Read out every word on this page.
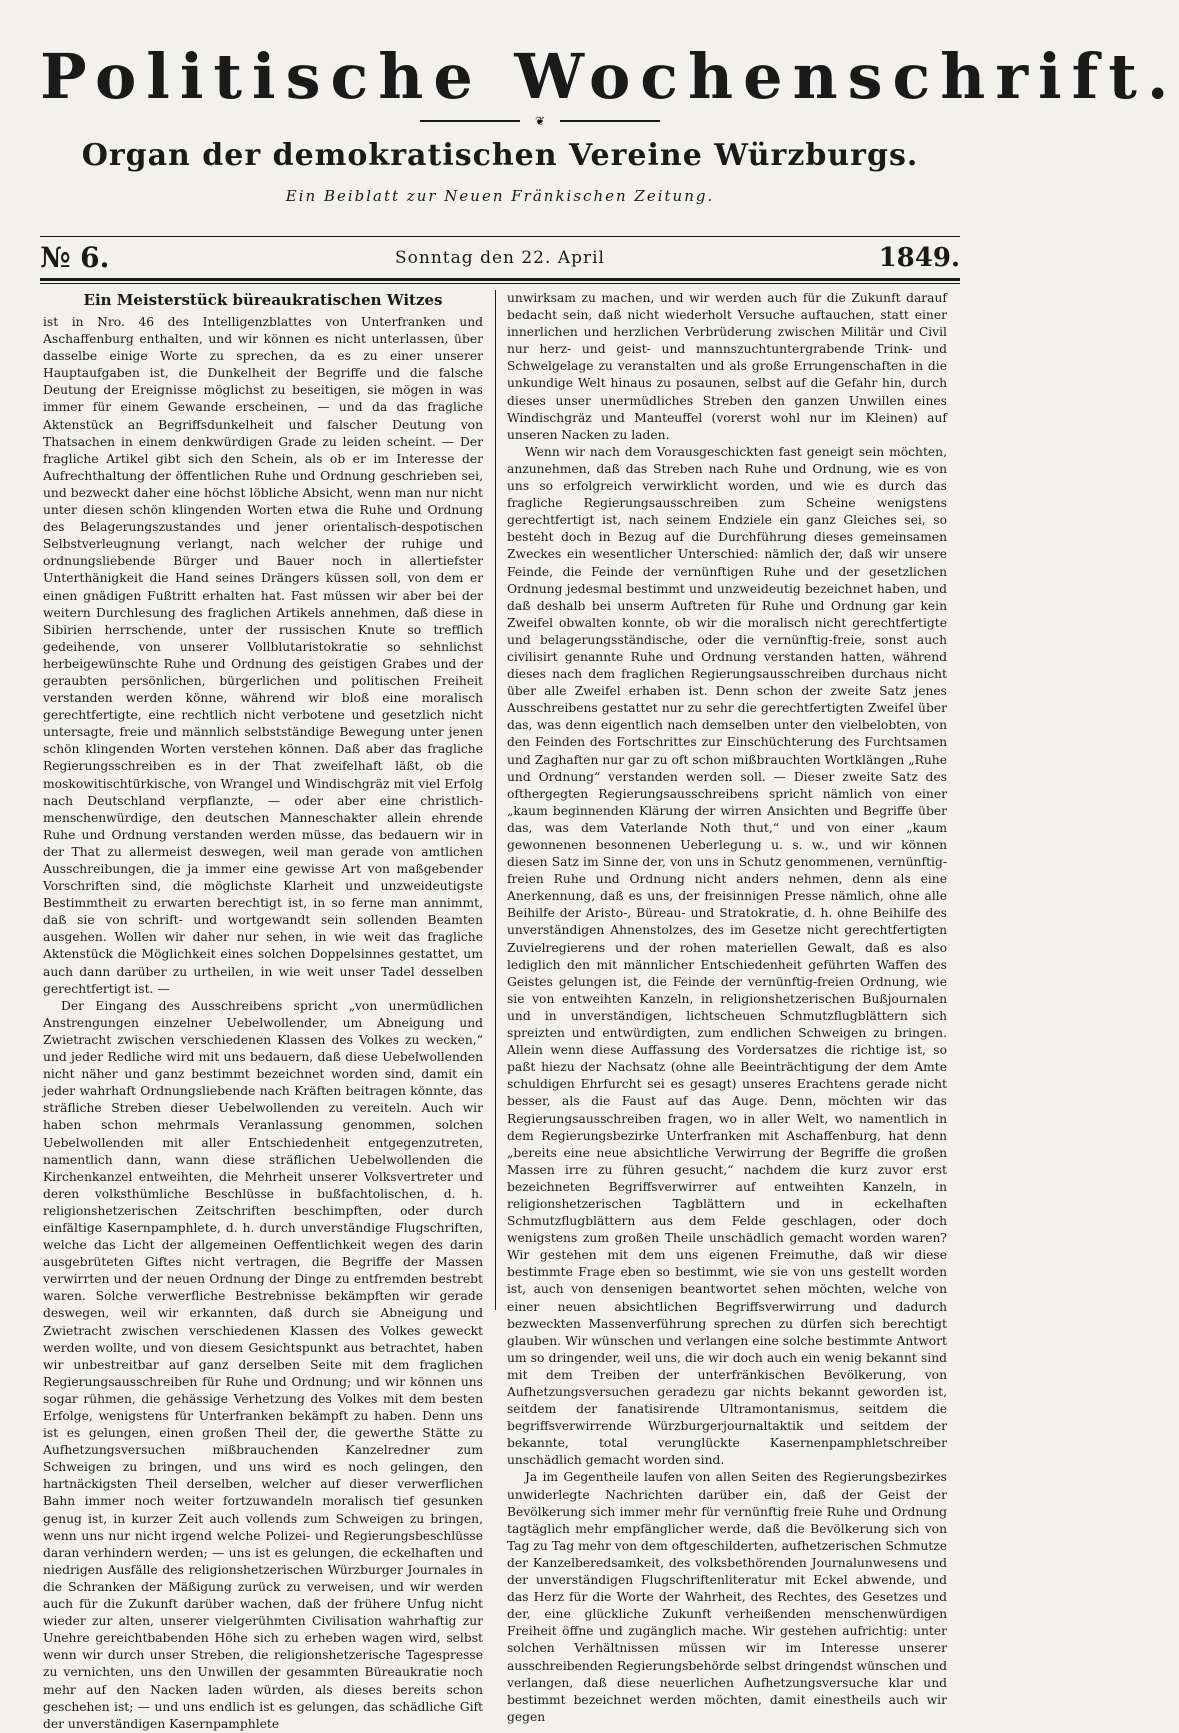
Politische Wochenschrift.
❦
Organ der demokratischen Vereine Würzburgs.
Ein Beiblatt zur Neuen Fränkischen Zeitung.
№ 6.	Sonntag den 22. April	1849.
Ein Meisterstück büreaukratischen Witzes

ist in Nro. 46 des Intelligenzblattes von Unterfranken und Aschaffenburg enthalten, und wir können es nicht unterlassen, über dasselbe einige Worte zu sprechen, da es zu einer unserer Hauptaufgaben ist, die Dunkelheit der Begriffe und die falsche Deutung der Ereignisse möglichst zu beseitigen, sie mögen in was immer für einem Gewande erscheinen, — und da das fragliche Aktenstück an Begriffsdunkelheit und falscher Deutung von Thatsachen in einem denkwürdigen Grade zu leiden scheint. — Der fragliche Artikel gibt sich den Schein, als ob er im Interesse der Aufrechthaltung der öffentlichen Ruhe und Ordnung geschrieben sei, und bezweckt daher eine höchst löbliche Absicht, wenn man nur nicht unter diesen schön klingenden Worten etwa die Ruhe und Ordnung des Belagerungszustandes und jener orientalisch-despotischen Selbstverleugnung verlangt, nach welcher der ruhige und ordnungsliebende Bürger und Bauer noch in allertiefster Unterthänigkeit die Hand seines Drängers küssen soll, von dem er einen gnädigen Fußtritt erhalten hat. Fast müssen wir aber bei der weitern Durchlesung des fraglichen Artikels annehmen, daß diese in Sibirien herrschende, unter der russischen Knute so trefflich gedeihende, von unserer Vollblutaristokratie so sehnlichst herbeigewünschte Ruhe und Ordnung des geistigen Grabes und der geraubten persönlichen, bürgerlichen und politischen Freiheit verstanden werden könne, während wir bloß eine moralisch gerechtfertigte, eine rechtlich nicht verbotene und gesetzlich nicht untersagte, freie und männlich selbstständige Bewegung unter jenen schön klingenden Worten verstehen können. Daß aber das fragliche Regierungsschreiben es in der That zweifelhaft läßt, ob die moskowitischtürkische, von Wrangel und Windischgräz mit viel Erfolg nach Deutschland verpflanzte, — oder aber eine christlich-menschenwürdige, den deutschen Manneschakter allein ehrende Ruhe und Ordnung verstanden werden müsse, das bedauern wir in der That zu allermeist deswegen, weil man gerade von amtlichen Ausschreibungen, die ja immer eine gewisse Art von maßgebender Vorschriften sind, die möglichste Klarheit und unzweideutigste Bestimmtheit zu erwarten berechtigt ist, in so ferne man annimmt, daß sie von schrift- und wortgewandt sein sollenden Beamten ausgehen. Wollen wir daher nur sehen, in wie weit das fragliche Aktenstück die Möglichkeit eines solchen Doppelsinnes gestattet, um auch dann darüber zu urtheilen, in wie weit unser Tadel desselben gerechtfertigt ist. —

Der Eingang des Ausschreibens spricht „von unermüdlichen Anstrengungen einzelner Uebelwollender, um Abneigung und Zwietracht zwischen verschiedenen Klassen des Volkes zu wecken,“ und jeder Redliche wird mit uns bedauern, daß diese Uebelwollenden nicht näher und ganz bestimmt bezeichnet worden sind, damit ein jeder wahrhaft Ordnungsliebende nach Kräften beitragen könnte, das sträfliche Streben dieser Uebelwollenden zu vereiteln. Auch wir haben schon mehrmals Veranlassung genommen, solchen Uebelwollenden mit aller Entschiedenheit entgegenzutreten, namentlich dann, wann diese sträflichen Uebelwollenden die Kirchenkanzel entweihten, die Mehrheit unserer Volksvertreter und deren volksthümliche Beschlüsse in bußfachtolischen, d. h. religionshetzerischen Zeitschriften beschimpften, oder durch einfältige Kasernpamphlete, d. h. durch unverständige Flugschriften, welche das Licht der allgemeinen Oeffentlichkeit wegen des darin ausgebrüteten Giftes nicht vertragen, die Begriffe der Massen verwirrten und der neuen Ordnung der Dinge zu entfremden bestrebt waren. Solche verwerfliche Bestrebnisse bekämpften wir gerade deswegen, weil wir erkannten, daß durch sie Abneigung und Zwietracht zwischen verschiedenen Klassen des Volkes geweckt werden wollte, und von diesem Gesichtspunkt aus betrachtet, haben wir unbestreitbar auf ganz derselben Seite mit dem fraglichen Regierungsausschreiben für Ruhe und Ordnung; und wir können uns sogar rühmen, die gehässige Verhetzung des Volkes mit dem besten Erfolge, wenigstens für Unterfranken bekämpft zu haben. Denn uns ist es gelungen, einen großen Theil der, die gewerthe Stätte zu Aufhetzungsversuchen mißbrauchenden Kanzelredner zum Schweigen zu bringen, und uns wird es noch gelingen, den hartnäckigsten Theil derselben, welcher auf dieser verwerflichen Bahn immer noch weiter fortzuwandeln moralisch tief gesunken genug ist, in kurzer Zeit auch vollends zum Schweigen zu bringen, wenn uns nur nicht irgend welche Polizei- und Regierungsbeschlüsse daran verhindern werden; — uns ist es gelungen, die eckelhaften und niedrigen Ausfälle des religionshetzerischen Würzburger Journales in die Schranken der Mäßigung zurück zu verweisen, und wir werden auch für die Zukunft darüber wachen, daß der frühere Unfug nicht wieder zur alten, unserer vielgerühmten Civilisation wahrhaftig zur Unehre gereichtbabenden Höhe sich zu erheben wagen wird, selbst wenn wir durch unser Streben, die religionshetzerische Tagespresse zu vernichten, uns den Unwillen der gesammten Büreaukratie noch mehr auf den Nacken laden würden, als dieses bereits schon geschehen ist; — und uns endlich ist es gelungen, das schädliche Gift der unverständigen Kasernpamphlete

unwirksam zu machen, und wir werden auch für die Zukunft darauf bedacht sein, daß nicht wiederholt Versuche auftauchen, statt einer innerlichen und herzlichen Verbrüderung zwischen Militär und Civil nur herz- und geist- und mannszuchtuntergrabende Trink- und Schwelgelage zu veranstalten und als große Errungenschaften in die unkundige Welt hinaus zu posaunen, selbst auf die Gefahr hin, durch dieses unser unermüdliches Streben den ganzen Unwillen eines Windischgräz und Manteuffel (vorerst wohl nur im Kleinen) auf unseren Nacken zu laden.

Wenn wir nach dem Vorausgeschickten fast geneigt sein möchten, anzunehmen, daß das Streben nach Ruhe und Ordnung, wie es von uns so erfolgreich verwirklicht worden, und wie es durch das fragliche Regierungsausschreiben zum Scheine wenigstens gerechtfertigt ist, nach seinem Endziele ein ganz Gleiches sei, so besteht doch in Bezug auf die Durchführung dieses gemeinsamen Zweckes ein wesentlicher Unterschied: nämlich der, daß wir unsere Feinde, die Feinde der vernünftigen Ruhe und der gesetzlichen Ordnung jedesmal bestimmt und unzweideutig bezeichnet haben, und daß deshalb bei unserm Auftreten für Ruhe und Ordnung gar kein Zweifel obwalten konnte, ob wir die moralisch nicht gerechtfertigte und belagerungsständische, oder die vernünftig-freie, sonst auch civilisirt genannte Ruhe und Ordnung verstanden hatten, während dieses nach dem fraglichen Regierungsausschreiben durchaus nicht über alle Zweifel erhaben ist. Denn schon der zweite Satz jenes Ausschreibens gestattet nur zu sehr die gerechtfertigten Zweifel über das, was denn eigentlich nach demselben unter den vielbelobten, von den Feinden des Fortschrittes zur Einschüchterung des Furchtsamen und Zaghaften nur gar zu oft schon mißbrauchten Wortklängen „Ruhe und Ordnung“ verstanden werden soll. — Dieser zweite Satz des ofthergegten Regierungsausschreibens spricht nämlich von einer „kaum beginnenden Klärung der wirren Ansichten und Begriffe über das, was dem Vaterlande Noth thut,“ und von einer „kaum gewonnenen besonnenen Ueberlegung u. s. w., und wir können diesen Satz im Sinne der, von uns in Schutz genommenen, vernünftig-freien Ruhe und Ordnung nicht anders nehmen, denn als eine Anerkennung, daß es uns, der freisinnigen Presse nämlich, ohne alle Beihilfe der Aristo-, Büreau- und Stratokratie, d. h. ohne Beihilfe des unverständigen Ahnenstolzes, des im Gesetze nicht gerechtfertigten Zuvielregierens und der rohen materiellen Gewalt, daß es also lediglich den mit männlicher Entschiedenheit geführten Waffen des Geistes gelungen ist, die Feinde der vernünftig-freien Ordnung, wie sie von entweihten Kanzeln, in religionshetzerischen Bußjournalen und in unverständigen, lichtscheuen Schmutzflugblättern sich spreizten und entwürdigten, zum endlichen Schweigen zu bringen. Allein wenn diese Auffassung des Vordersatzes die richtige ist, so paßt hiezu der Nachsatz (ohne alle Beeinträchtigung der dem Amte schuldigen Ehrfurcht sei es gesagt) unseres Erachtens gerade nicht besser, als die Faust auf das Auge. Denn, möchten wir das Regierungsausschreiben fragen, wo in aller Welt, wo namentlich in dem Regierungsbezirke Unterfranken mit Aschaffenburg, hat denn „bereits eine neue absichtliche Verwirrung der Begriffe die großen Massen irre zu führen gesucht,“ nachdem die kurz zuvor erst bezeichneten Begriffsverwirrer auf entweihten Kanzeln, in religionshetzerischen Tagblättern und in eckelhaften Schmutzflugblättern aus dem Felde geschlagen, oder doch wenigstens zum großen Theile unschädlich gemacht worden waren? Wir gestehen mit dem uns eigenen Freimuthe, daß wir diese bestimmte Frage eben so bestimmt, wie sie von uns gestellt worden ist, auch von densenigen beantwortet sehen möchten, welche von einer neuen absichtlichen Begriffsverwirrung und dadurch bezweckten Massenverführung sprechen zu dürfen sich berechtigt glauben. Wir wünschen und verlangen eine solche bestimmte Antwort um so dringender, weil uns, die wir doch auch ein wenig bekannt sind mit dem Treiben der unterfränkischen Bevölkerung, von Aufhetzungsversuchen geradezu gar nichts bekannt geworden ist, seitdem der fanatisirende Ultramontanismus, seitdem die begriffsverwirrende Würzburgerjournaltaktik und seitdem der bekannte, total verunglückte Kasernenpamphletschreiber unschädlich gemacht worden sind.

Ja im Gegentheile laufen von allen Seiten des Regierungsbezirkes unwiderlegte Nachrichten darüber ein, daß der Geist der Bevölkerung sich immer mehr für vernünftig freie Ruhe und Ordnung tagtäglich mehr empfänglicher werde, daß die Bevölkerung sich von Tag zu Tag mehr von dem oftgeschilderten, aufhetzerischen Schmutze der Kanzelberedsamkeit, des volksbethörenden Journalunwesens und der unverständigen Flugschriftenliteratur mit Eckel abwende, und das Herz für die Worte der Wahrheit, des Rechtes, des Gesetzes und der, eine glückliche Zukunft verheißenden menschenwürdigen Freiheit öffne und zugänglich mache. Wir gestehen aufrichtig: unter solchen Verhältnissen müssen wir im Interesse unserer ausschreibenden Regierungsbehörde selbst dringendst wünschen und verlangen, daß diese neuerlichen Aufhetzungsversuche klar und bestimmt bezeichnet werden möchten, damit einestheils auch wir gegen
